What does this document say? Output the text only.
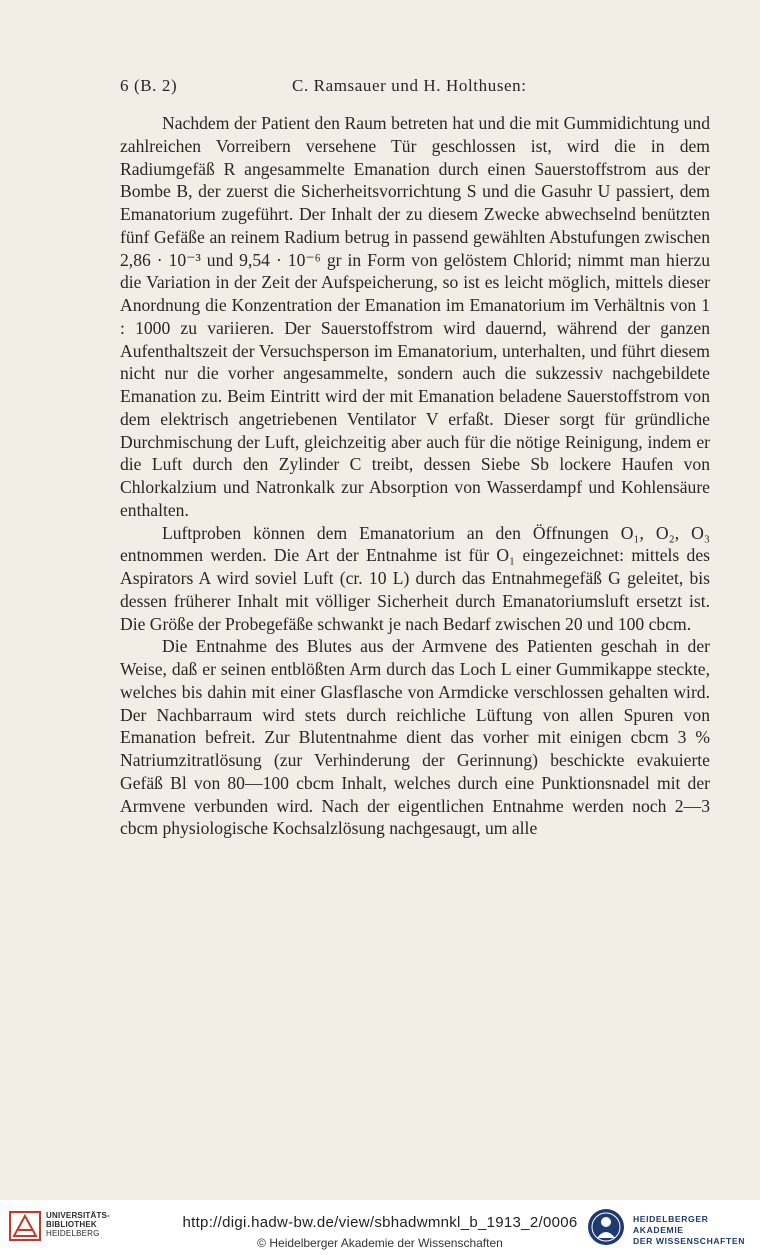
6 (B. 2)	C. Ramsauer und H. Holthusen:

Nachdem der Patient den Raum betreten hat und die mit Gummidichtung und zahlreichen Vorreibern versehene Tür geschlossen ist, wird die in dem Radiumgefäß R angesammelte Emanation durch einen Sauerstoffstrom aus der Bombe B, der zuerst die Sicherheitsvorrichtung S und die Gasuhr U passiert, dem Emanatorium zugeführt. Der Inhalt der zu diesem Zwecke abwechselnd benützten fünf Gefäße an reinem Radium betrug in passend gewählten Abstufungen zwischen 2,86 · 10⁻³ und 9,54 · 10⁻⁶ gr in Form von gelöstem Chlorid; nimmt man hierzu die Variation in der Zeit der Aufspeicherung, so ist es leicht möglich, mittels dieser Anordnung die Konzentration der Emanation im Emanatorium im Verhältnis von 1 : 1000 zu variieren. Der Sauerstoffstrom wird dauernd, während der ganzen Aufenthaltszeit der Versuchsperson im Emanatorium, unterhalten, und führt diesem nicht nur die vorher angesammelte, sondern auch die sukzessiv nachgebildete Emanation zu. Beim Eintritt wird der mit Emanation beladene Sauerstoffstrom von dem elektrisch angetriebenen Ventilator V erfaßt. Dieser sorgt für gründliche Durchmischung der Luft, gleichzeitig aber auch für die nötige Reinigung, indem er die Luft durch den Zylinder C treibt, dessen Siebe Sb lockere Haufen von Chlorkalzium und Natronkalk zur Absorption von Wasserdampf und Kohlensäure enthalten.

Luftproben können dem Emanatorium an den Öffnungen O₁, O₂, O₃ entnommen werden. Die Art der Entnahme ist für O₁ eingezeichnet: mittels des Aspirators A wird soviel Luft (cr. 10 L) durch das Entnahmegefäß G geleitet, bis dessen früherer Inhalt mit völliger Sicherheit durch Emanatoriumsluft ersetzt ist. Die Größe der Probegefäße schwankt je nach Bedarf zwischen 20 und 100 cbcm.

Die Entnahme des Blutes aus der Armvene des Patienten geschah in der Weise, daß er seinen entblößten Arm durch das Loch L einer Gummikappe steckte, welches bis dahin mit einer Glasflasche von Armdicke verschlossen gehalten wird. Der Nachbarraum wird stets durch reichliche Lüftung von allen Spuren von Emanation befreit. Zur Blutentnahme dient das vorher mit einigen cbcm 3 % Natriumzitratlösung (zur Verhinderung der Gerinnung) beschickte evakuierte Gefäß Bl von 80—100 cbcm Inhalt, welches durch eine Punktionsnadel mit der Armvene verbunden wird. Nach der eigentlichen Entnahme werden noch 2—3 cbcm physiologische Kochsalzlösung nachgesaugt, um alle

UNIVERSITÄTS-
BIBLIOTHEK
HEIDELBERG
http://digi.hadw-bw.de/view/sbhadwmnkl_b_1913_2/0006
© Heidelberger Akademie der Wissenschaften
HEIDELBERGER AKADEMIE
DER WISSENSCHAFTEN
